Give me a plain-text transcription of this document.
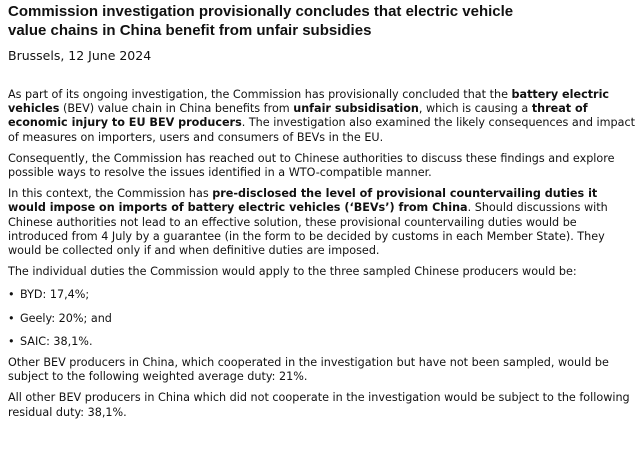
Commission investigation provisionally concludes that electric vehicle
value chains in China benefit from unfair subsidies

Brussels, 12 June 2024

As part of its ongoing investigation, the Commission has provisionally concluded that the battery electric vehicles (BEV) value chain in China benefits from unfair subsidisation, which is causing a threat of economic injury to EU BEV producers. The investigation also examined the likely consequences and impact of measures on importers, users and consumers of BEVs in the EU.

Consequently, the Commission has reached out to Chinese authorities to discuss these findings and explore possible ways to resolve the issues identified in a WTO-compatible manner.

In this context, the Commission has pre-disclosed the level of provisional countervailing duties it would impose on imports of battery electric vehicles (‘BEVs’) from China. Should discussions with Chinese authorities not lead to an effective solution, these provisional countervailing duties would be introduced from 4 July by a guarantee (in the form to be decided by customs in each Member State). They would be collected only if and when definitive duties are imposed.

The individual duties the Commission would apply to the three sampled Chinese producers would be:

• BYD: 17,4%;

• Geely: 20%; and

• SAIC: 38,1%.

Other BEV producers in China, which cooperated in the investigation but have not been sampled, would be subject to the following weighted average duty: 21%.

All other BEV producers in China which did not cooperate in the investigation would be subject to the following residual duty: 38,1%.
